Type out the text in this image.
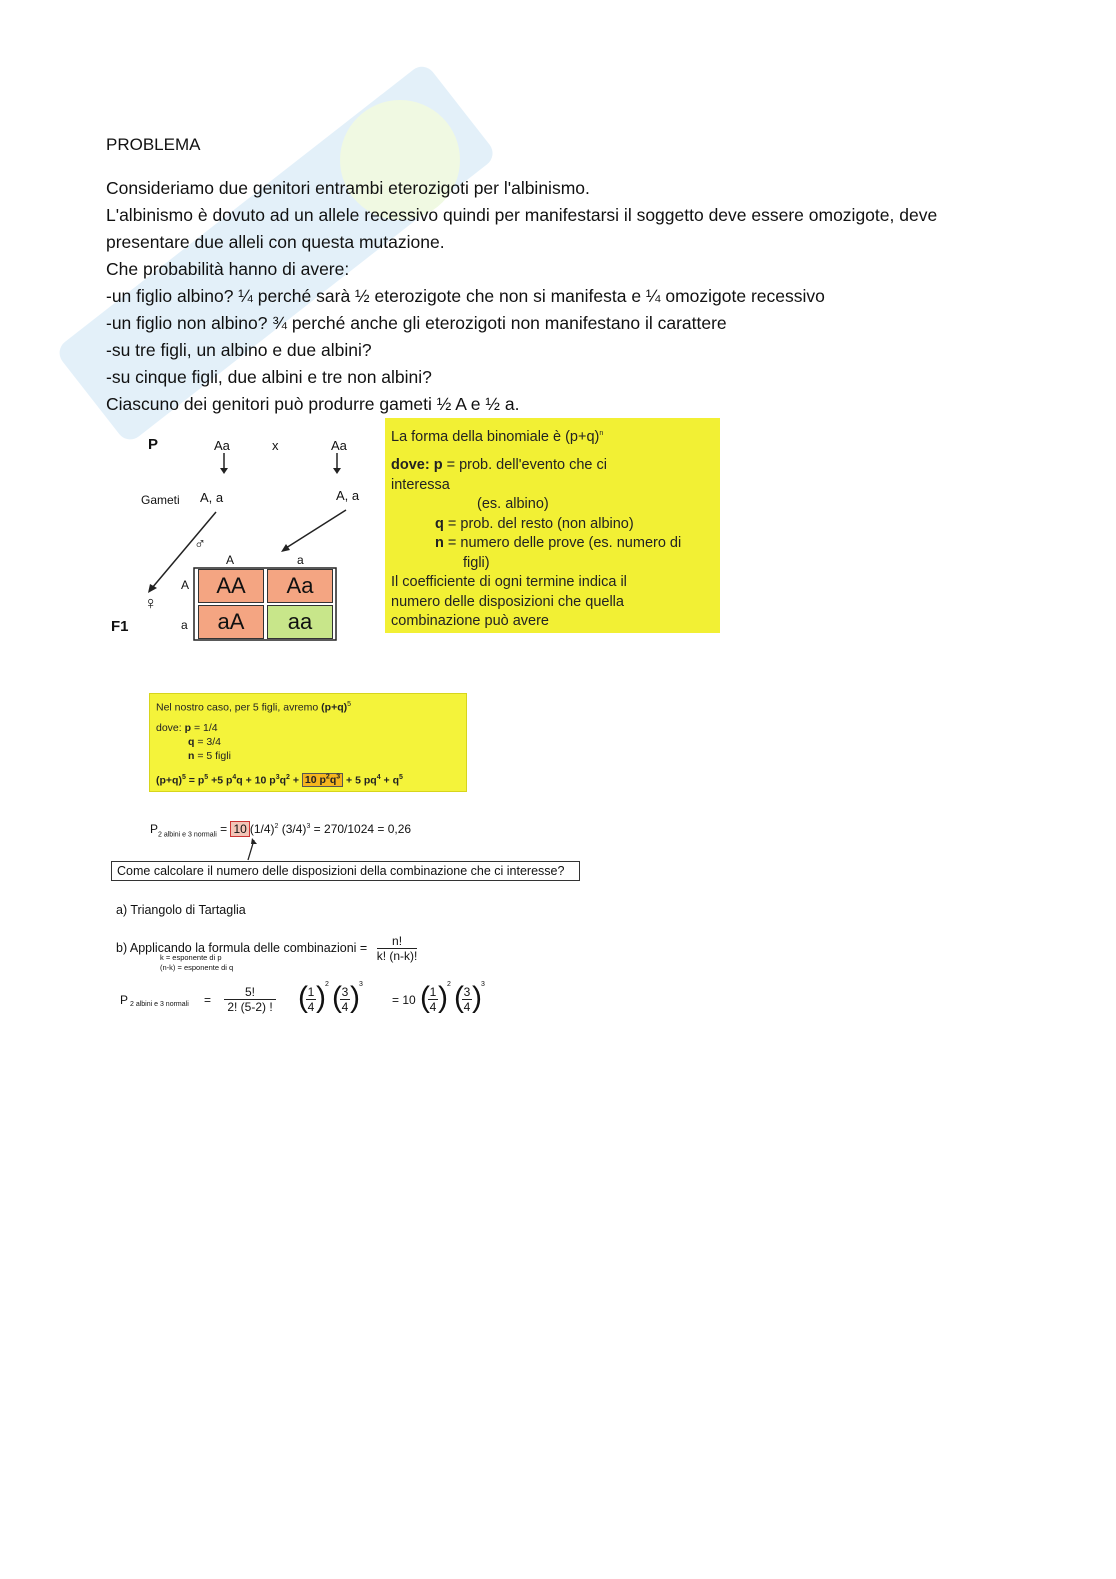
PROBLEMA
Consideriamo due genitori entrambi eterozigoti per l'albinismo.
L'albinismo è dovuto ad un allele recessivo quindi per manifestarsi il soggetto deve essere omozigote, deve
presentare due alleli con questa mutazione.
Che probabilità hanno di avere:
-un figlio albino? ¼ perché sarà ½ eterozigote che non si manifesta e ¼ omozigote recessivo
-un figlio non albino? ¾ perché anche gli eterozigoti non manifestano il carattere
-su tre figli, un albino e due albini?
-su cinque figli, due albini e tre non albini?
Ciascuno dei genitori può produrre gameti ½ A e ½ a.
P	Aa	x	Aa
Gameti A, a	A, a
♂
♀
A	a
A
a
F1
AA	Aa
aA	aa
La forma della binomiale è $(p+q)^n$
dove: p = prob. dell'evento che ci
interessa
(es. albino)
q = prob. del resto (non albino)
n = numero delle prove (es. numero di
figli)
Il coefficiente di ogni termine indica il
numero delle disposizioni che quella
combinazione può avere
Nel nostro caso, per 5 figli, avremo $(p+q)^5$
dove: p = 1/4
q = 3/4
n = 5 figli
$(p+q)^5 = p^5 +5$ $p^4q + 10$ $p^3q^2 + 10$ $p^2q^3 + 5$ $pq^4 + q^5$
$P_{2 albini e 3 normali} = 10$ $(1/4)^2$ $(3/4)^3 = 270/1024 = 0,26$
Come calcolare il numero delle disposizioni della combinazione che ci interesse?
a) Triangolo di Tartaglia
b) Applicando la formula delle combinazioni = $\frac{n!}{k! (n-k)!}$
k = esponente di p
(n-k) = esponente di q
P 2 albini e 3 normali =
5!
2! (5-2) ! ( 1
4 ) 2 ( 3
4 ) 3
= 10 ( 1
4 ) 2 ( 3
4 ) 3
